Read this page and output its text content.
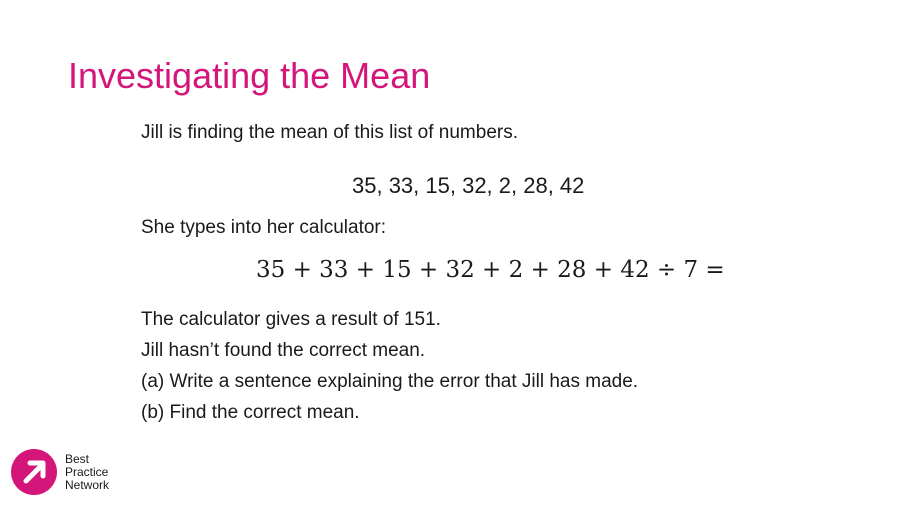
Investigating the Mean
Jill is finding the mean of this list of numbers.
35, 33, 15, 32, 2, 28, 42
She types into her calculator:
35 + 33 + 15 + 32 + 2 + 28 + 42 ÷ 7 =
The calculator gives a result of 151.
Jill hasn’t found the correct mean.
(a) Write a sentence explaining the error that Jill has made.
(b) Find the correct mean.
Best
Practice
Network
